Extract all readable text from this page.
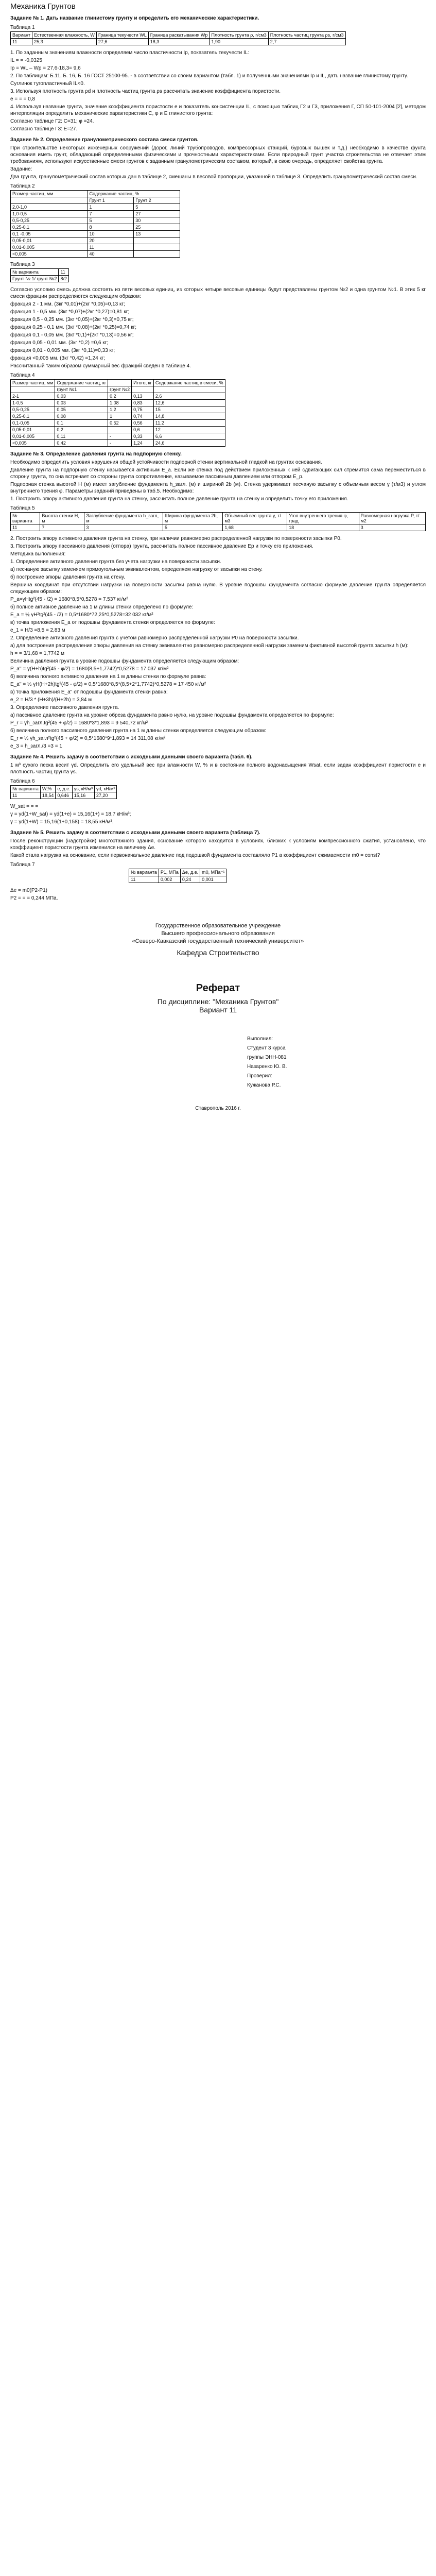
Механика Грунтов
Задание № 1. Дать название глинистому грунту и определить его механические характеристики.
Таблица 1
Вариант	Естественная влажность, W	Граница текучести WL	Граница раскатывания Wp	Плотность грунта ρ, г/см3	Плотность частиц грунта ρs, г/см3
11	25,3	27,6	18,3	1,90	2,7
1. По заданным значениям влажности определяем число пластичности Ip, показатель текучести IL:
IL = = -0,0325
Ip = WL – Wp = 27,6-18,3= 9,6
2. По таблицам: Б.11, Б. 16, Б. 16 ГОСТ 25100-95. - в соответствии со своим вариантом (табл. 1) и полученными значениями Ip и IL, дать название глинистому грунту.
Суглинок тугопластичный IL<0.
3. Используя плотность грунта ρd и плотность частиц грунта ρs рассчитать значение коэффициента пористости.
e = = = 0,8
4. Используя название грунта, значение коэффициента пористости e и показатель консистенции IL, с помощью таблиц Г2 и Г3, приложения Г, СП 50-101-2004 [2], методом интерполяции определить механические характеристики С, φ и Е глинистого грунта:
Согласно таблице Г2: С=31; φ =24.
Согласно таблице Г3: Е=27.
Задание № 2. Определение гранулометрического состава смеси грунтов.
При строительстве некоторых инженерных сооружений (дорог, линий трубопроводов, компрессорных станций, буровых вышек и т.д.) необходимо в качестве фунта основания иметь грунт, обладающий определенными физическими и прочностными характеристиками. Если природный грунт участка строительства не отвечает этим требованиям, используют искусственные смеси грунтов с заданным гранулометрическим составом, который, в свою очередь, определяет свойства грунта.
Задание:
Два грунта, гранулометрический состав которых дан в таблице 2, смешаны в весовой пропорции, указанной в таблице 3. Определить гранулометрический состав смеси.
Таблица 2
Размер частиц, мм	Содержание частиц, %	
	Грунт 1	Грунт 2
2,0-1,0	1	5
1,0-0,5	7	27
0,5-0,25	5	30
0,25-0,1	8	25
0,1 -0,05	10	13
0,05-0,01	20	
0,01-0,005	11	
<0,005	40	
Таблица 3
№ варианта	11
Грунт № 1/ грунт №2	8/2
Согласно условию смесь должна состоять из пяти весовых единиц, из которых четыре весовые единицы будут представлены грунтом №2 и одна грунтом №1. В этих 5 кг смеси фракции распределяются следующим образом:
фракция 2 - 1 мм. (3кг *0,01)+(2кг *0,05)=0,13 кг;
фракция 1 - 0,5 мм. (3кг *0,07)+(2кг *0,27)=0,81 кг;
фракция 0,5 - 0,25 мм. (3кг *0,05)+(2кг *0,3)=0,75 кг;
фракция 0,25 - 0,1 мм. (3кг *0,08)+(2кг *0,25)=0,74 кг;
фракция 0,1 - 0,05 мм. (3кг *0,1)+(2кг *0,13)=0,56 кг;
фракция 0,05 - 0,01 мм. (3кг *0,2) =0,6 кг;
фракция 0,01 - 0,005 мм. (3кг *0,11)=0,33 кг;
фракция <0,005 мм. (3кг *0,42) =1,24 кг;
Рассчитанный таким образом суммарный вес фракций сведен в таблице 4.
Таблица 4
Размер частиц, мм	Содержание частиц, кг		Итого, кг	Содержание частиц в смеси, %
	грунт №1	грунт №2		
2-1	0,03	0,2	0,13	2,6
1-0,5	0,03	1,08	0,83	12,6
0,5-0,25	0,05	1,2	0,75	15
0,25-0,1	0,08	1	0,74	14,8
0,1-0,05	0,1	0,52	0,56	11,2
0,05-0,01	0,2		0,6	12
0,01-0,005	0,11	-	0,33	6,6
<0,005	0,42	-	1,24	24,6
Задание № 3. Определение давления грунта на подпорную стенку.
Необходимо определить условия нарушения общей устойчивости подпорной стенки вертикальной гладкой на грунтах основания.
Давление грунта на подпорную стенку называется активным E_a. Если же стенка под действием приложенных к ней сдвигающих сил стремится сама переместиться в сторону грунта, то она встречает со стороны грунта сопротивление, называемое пассивным давлением или отпором E_p.
Подпорная стенка высотой H (м) имеет загубление фундамента h_загл. (м) и шириной 2b (м). Стенка удерживает песчаную засыпку с объемным весом γ (т/м3) и углом внутреннего трения φ. Параметры заданий приведены в таб.5. Необходимо:
1. Построить эпюру активного давления грунта на стенку, рассчитать полное давление грунта на стенку и определить точку его приложения.
Таблица 5
№ варианта	Высота стенки H, м	Заглубление фундамента h_загл, м	Ширина фундамента 2b, м	Объемный вес грунта γ, т/м3	Угол внутреннего трения φ, град	Равномерная нагрузка P, т/м2
11	7	3	5	1,68	18	3
2. Построить эпюру активного давления грунта на стенку, при наличии равномерно распределенной нагрузки по поверхности засыпки P0.
3. Построить эпюру пассивного давления (отпора) грунта, рассчитать полное пассивное давление Ep и точку его приложения.
Методика выполнения:
1. Определение активного давления грунта без учета нагрузки на поверхности засыпки.
а) песчаную засыпку заменяем прямоугольным эквивалентом, определяем нагрузку от засыпки на стену.
б) построение эпюры давления грунта на стену.
Вершина координат при отсутствии нагрузки на поверхности засыпки равна нулю. В уровне подошвы фундамента согласно формуле давление грунта определяется следующим образом:
P_а=γHtg²(45 - /2) = 1680*8,5*0,5278 = 7.537 кг/м²
б) полное активное давление на 1 м длины стенки определено по формуле:
E_a = ½ γH²tg²(45 - /2) = 0,5*1680*72,25*0,5278=32 032 кг/м²
в) точка приложения E_a от подошвы фундамента стенки определяется по формуле:
e_1 = H/3 =8,5 = 2,83 м
2. Определение активного давления грунта с учетом равномерно распределенной нагрузки P0 на поверхности засыпки.
а) для построения распределения эпюры давления на стенку эквивалентно равномерно распределенной нагрузки заменим фиктивной высотой грунта засыпки h (м):
h = = 3/1,68 = 1,7742 м
Величина давления грунта в уровне подошвы фундамента определяется следующим образом:
P_a'' = γ(H+h)tg²(45 - φ/2) = 1680(8,5+1,7742)*0,5278 = 17 037 кг/м²
б) величина полного активного давления на 1 м длины стенки по формуле равна:
E_a'' = ½ γH(H+2h)tg²(45 - φ/2) = 0,5*1680*8,5*(8,5+2*1,7742)*0,5278 = 17 450 кг/м²
в) точка приложения E_a'' от подошвы фундамента стенки равна:
e_2 = H/3 * (H+3h)/(H+2h) = 3,84 м
3. Определение пассивного давления грунта.
а) пассивное давление грунта на уровне обреза фундамента равно нулю, на уровне подошвы фундамента определяется по формуле:
P_r = γh_загл.tg²(45 + φ/2) = 1680*3*1,893 = 9 540,72 кг/м²
б) величина полного пассивного давления грунта на 1 м длины стенки определяется следующим образом:
E_r = ½ γh_загл²tg²(45 + φ/2) = 0,5*1680*9*1,893 = 14 311,08 кг/м²
e_3 = h_загл./3 =3 = 1
Задание № 4. Решить задачу в соответствии с исходными данными своего варианта (табл. 6).
1 м³ сухого песка весит γd. Определить его удельный вес при влажности W, % и в состоянии полного водонасыщения Wsat, если задан коэффициент пористости e и плотность частиц грунта γs.
Таблица 6
№ варианта	W,%	e, д.е.	γs, кН/м³	γd, кН/м³
11	18,54	0,646	15,16	27,20
W_sat = = =
γ = γd(1+W_sat) = γd(1+e) = 15,16(1+) = 18,7 кН/м³;
γ = γd(1+W) = 15,16(1+0,158) = 18,55 кН/м³.
Задание № 5. Решить задачу в соответствии с исходными данными своего варианта (таблица 7).
После реконструкции (надстройки) многоэтажного здания, основание которого находится в условиях, близких к условиям компрессионного сжатия, установлено, что коэффициент пористости грунта изменился на величину Δe.
Какой стала нагрузка на основание, если первоначальное давление под подошвой фундамента составляло P1 а коэффициент сжимаемости m0 = const?
Таблица 7
№ варианта	P1, МПа	Δe, д.е.	m0, МПа⁻¹
11	0,002	0,24	0,001
Δe = m0(P2-P1)
P2 = = = 0,244 МПа.
Государственное образовательное учреждение
Высшего профессионального образования
«Северо-Кавказский государственный технический университет»
Кафедра Строительство
Реферат
По дисциплине: "Механика Грунтов"
Вариант 11
Выполнил:
Студент 3 курса
группы ЭНН-081
Назаренко Ю. В.
Проверил:
Кужанова Р.С.
Ставрополь 2016 г.
